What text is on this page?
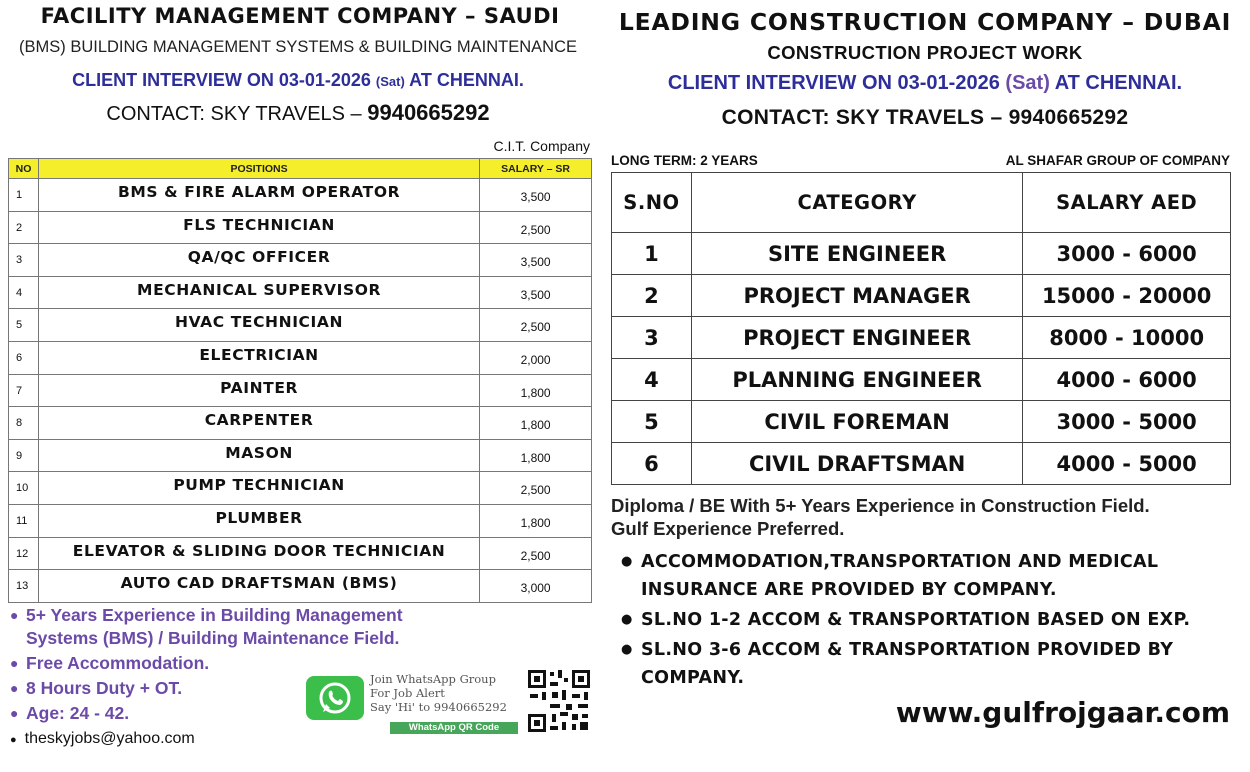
FACILITY MANAGEMENT COMPANY – SAUDI
(BMS) BUILDING MANAGEMENT SYSTEMS & BUILDING MAINTENANCE
CLIENT INTERVIEW ON 03-01-2026 (Sat) AT CHENNAI.
CONTACT: SKY TRAVELS – 9940665292
C.I.T. Company
NO	POSITIONS	SALARY – SR
1	BMS & FIRE ALARM OPERATOR	3,500
2	FLS TECHNICIAN	2,500
3	QA/QC OFFICER	3,500
4	MECHANICAL SUPERVISOR	3,500
5	HVAC TECHNICIAN	2,500
6	ELECTRICIAN	2,000
7	PAINTER	1,800
8	CARPENTER	1,800
9	MASON	1,800
10	PUMP TECHNICIAN	2,500
11	PLUMBER	1,800
12	ELEVATOR & SLIDING DOOR TECHNICIAN	2,500
13	AUTO CAD DRAFTSMAN (BMS)	3,000
● 5+ Years Experience in Building Management Systems (BMS) / Building Maintenance Field.
● Free Accommodation.
● 8 Hours Duty + OT.
● Age: 24 - 42.
● theskyjobs@yahoo.com
Join WhatsApp Group
For Job Alert
Say 'Hi' to 9940665292
WhatsApp QR Code
LEADING CONSTRUCTION COMPANY – DUBAI
CONSTRUCTION PROJECT WORK
CLIENT INTERVIEW ON 03-01-2026 (Sat) AT CHENNAI.
CONTACT: SKY TRAVELS – 9940665292
LONG TERM: 2 YEARS	AL SHAFAR GROUP OF COMPANY
S.NO	CATEGORY	SALARY AED
1	SITE ENGINEER	3000 - 6000
2	PROJECT MANAGER	15000 - 20000
3	PROJECT ENGINEER	8000 - 10000
4	PLANNING ENGINEER	4000 - 6000
5	CIVIL FOREMAN	3000 - 5000
6	CIVIL DRAFTSMAN	4000 - 5000
Diploma / BE With 5+ Years Experience in Construction Field.
Gulf Experience Preferred.
● ACCOMMODATION,TRANSPORTATION AND MEDICAL INSURANCE ARE PROVIDED BY COMPANY.
● SL.NO 1-2 ACCOM & TRANSPORTATION BASED ON EXP.
● SL.NO 3-6 ACCOM & TRANSPORTATION PROVIDED BY COMPANY.
www.gulfrojgaar.com
